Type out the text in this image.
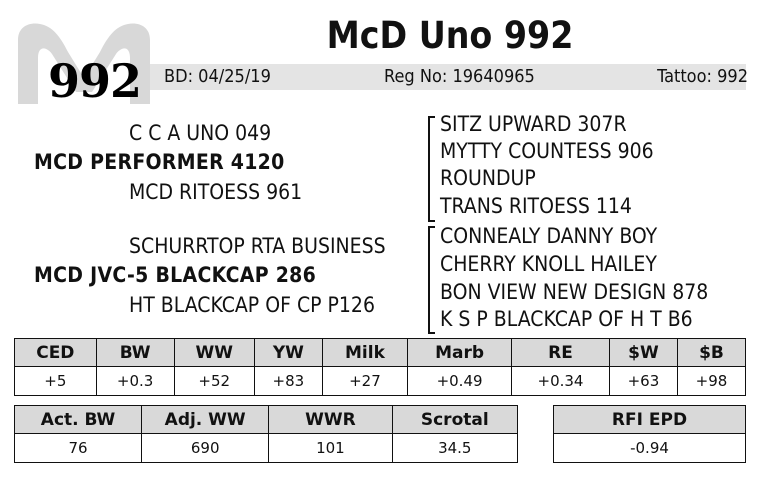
992
McD Uno 992
BD: 04/25/19	Reg No: 19640965	Tattoo: 992
C C A UNO 049
MCD PERFORMER 4120
MCD RITOESS 961
SCHURRTOP RTA BUSINESS
MCD JVC-5 BLACKCAP 286
HT BLACKCAP OF CP P126
SITZ UPWARD 307R
MYTTY COUNTESS 906
ROUNDUP
TRANS RITOESS 114
CONNEALY DANNY BOY
CHERRY KNOLL HAILEY
BON VIEW NEW DESIGN 878
K S P BLACKCAP OF H T B6
CED	BW	WW	YW	Milk	Marb	RE	$W	$B
+5	+0.3	+52	+83	+27	+0.49	+0.34	+63	+98
Act. BW	Adj. WW	WWR	Scrotal
76	690	101	34.5
RFI EPD
-0.94
